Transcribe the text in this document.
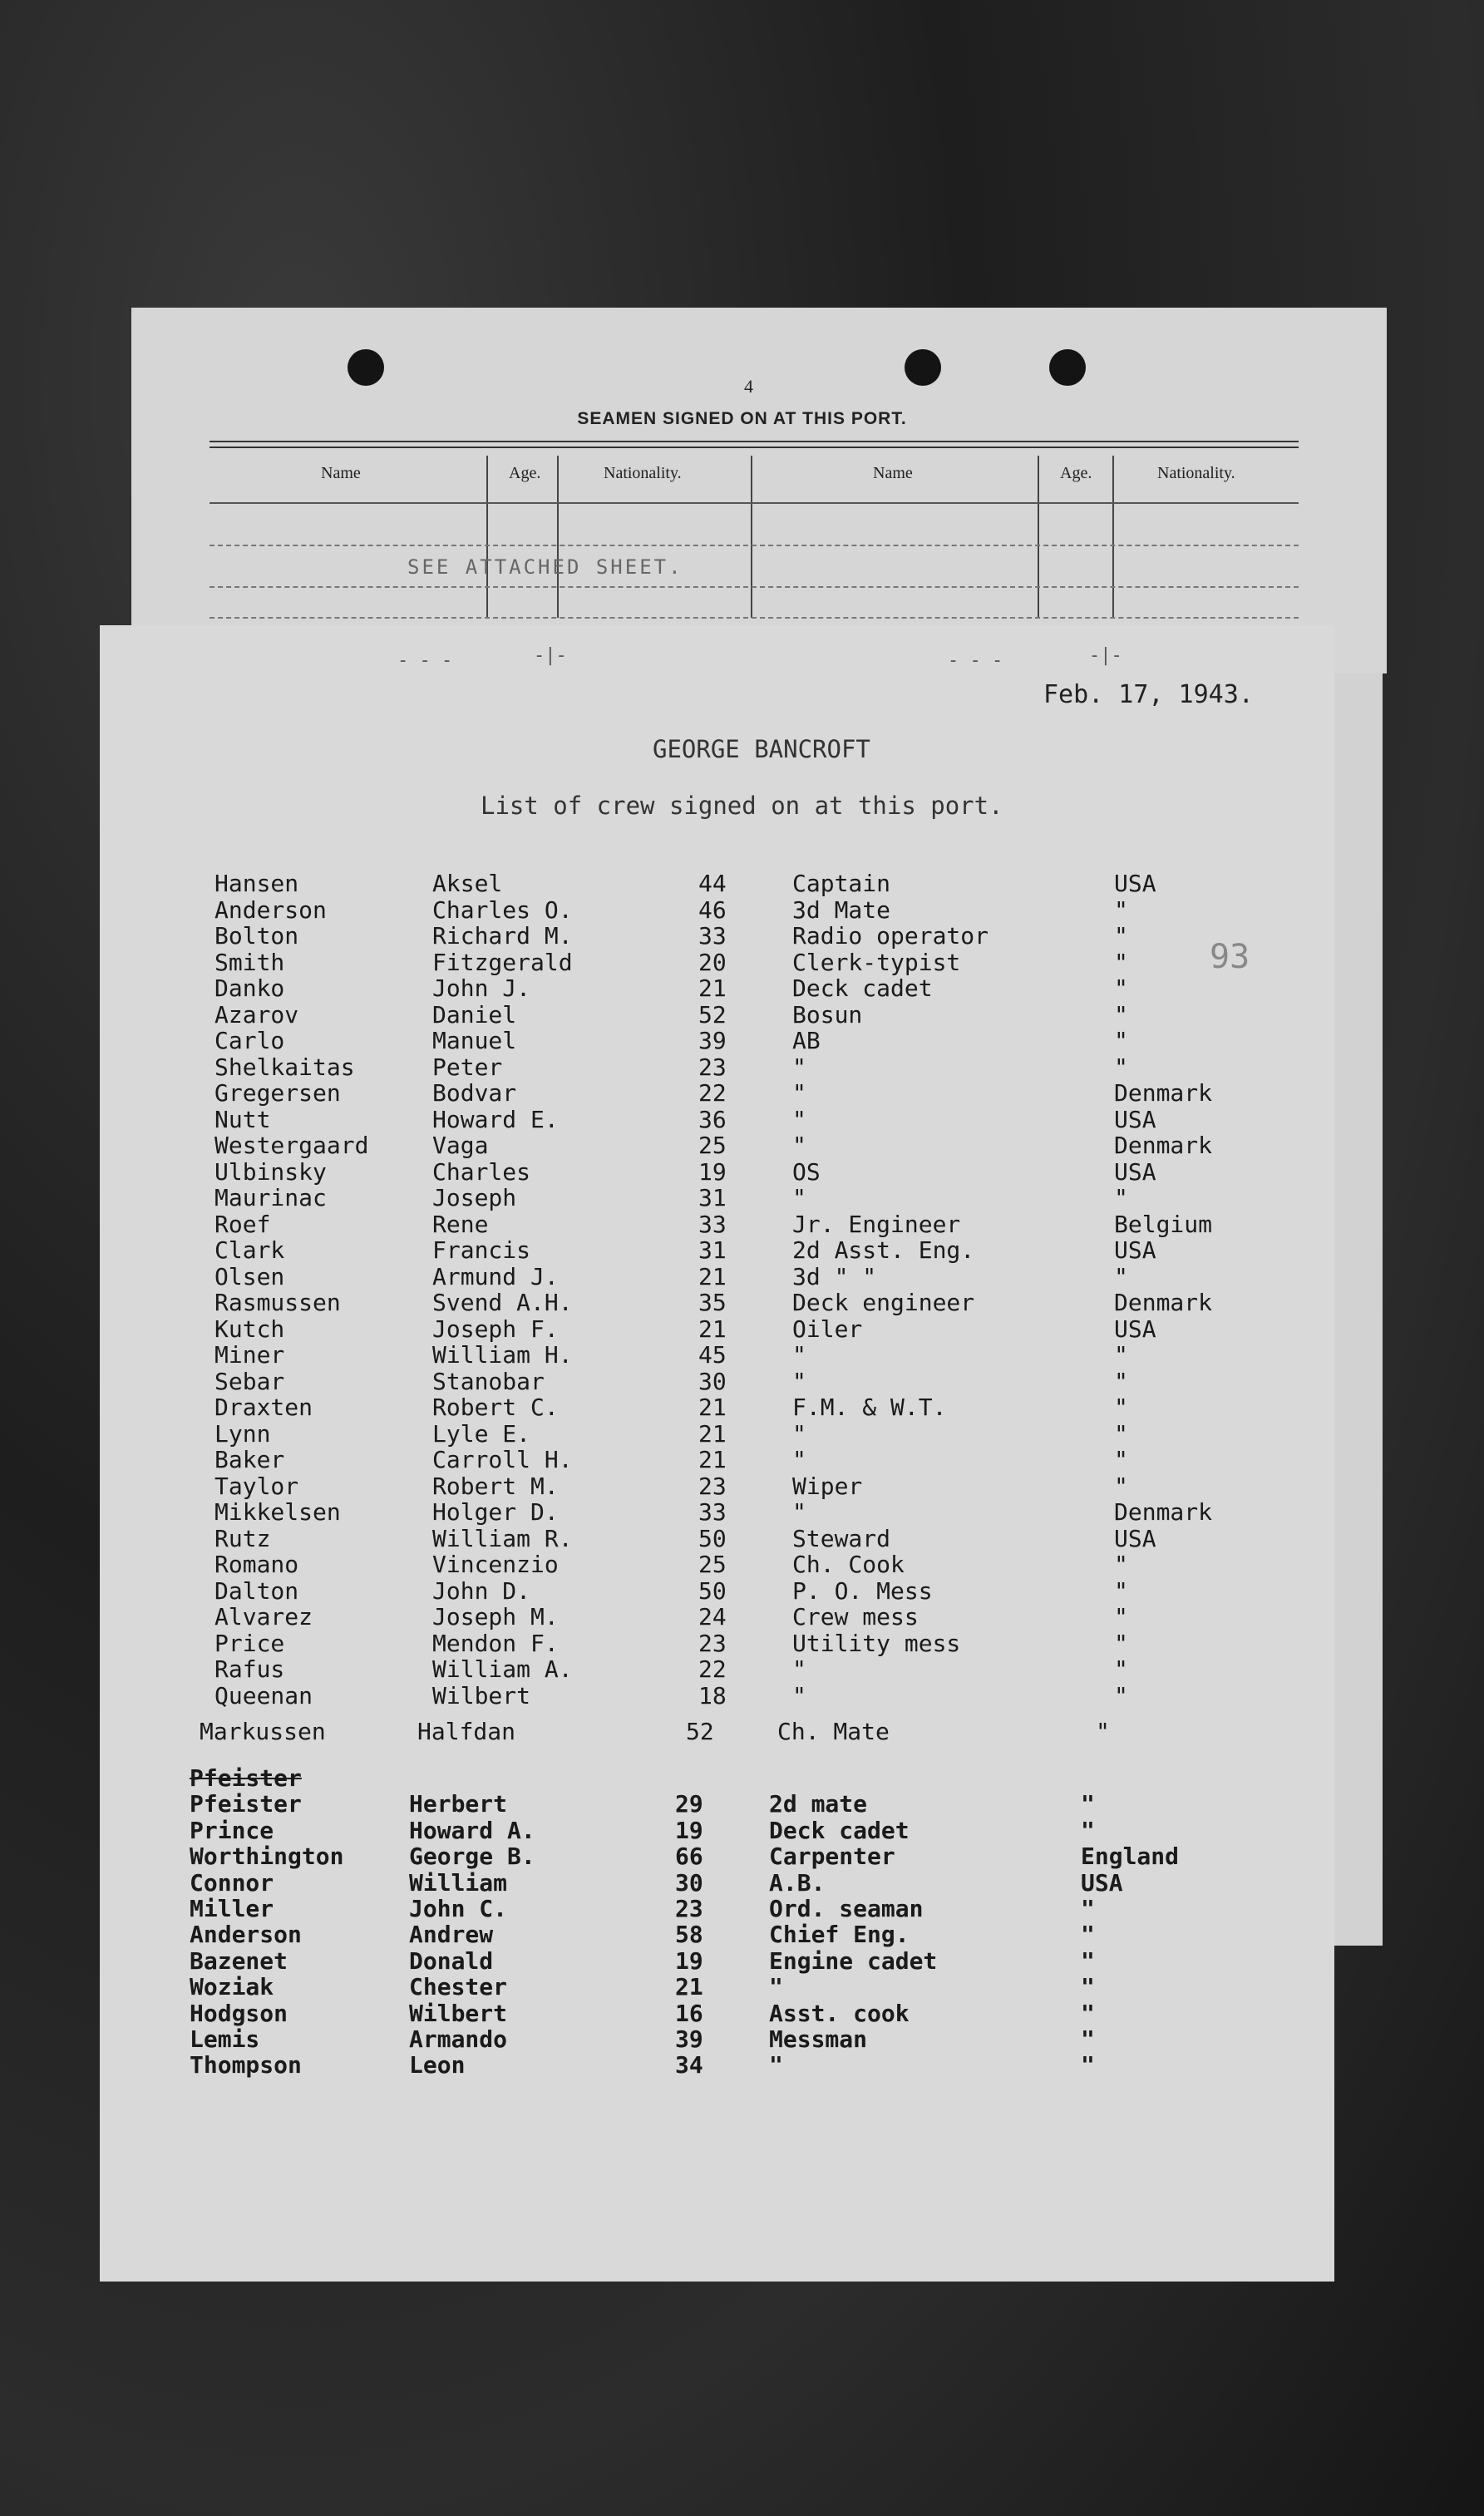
4
SEAMEN SIGNED ON AT THIS PORT.
Name	Age.	Nationality.	Name	Age.	Nationality.
SEE ATTACHED SHEET.
- - -	-|-	- - -	-|-
Feb. 17, 1943.
GEORGE BANCROFT
List of crew signed on at this port.
93
Hansen	Aksel	44	Captain	USA
Anderson	Charles O.	46	3d Mate	"
Bolton	Richard M.	33	Radio operator	"
Smith	Fitzgerald	20	Clerk-typist	"
Danko	John J.	21	Deck cadet	"
Azarov	Daniel	52	Bosun	"
Carlo	Manuel	39	AB	"
Shelkaitas	Peter	23	"	"
Gregersen	Bodvar	22	"	Denmark
Nutt	Howard E.	36	"	USA
Westergaard	Vaga	25	"	Denmark
Ulbinsky	Charles	19	OS	USA
Maurinac	Joseph	31	"	"
Roef	Rene	33	Jr. Engineer	Belgium
Clark	Francis	31	2d Asst. Eng.	USA
Olsen	Armund J.	21	3d " "	"
Rasmussen	Svend A.H.	35	Deck engineer	Denmark
Kutch	Joseph F.	21	Oiler	USA
Miner	William H.	45	"	"
Sebar	Stanobar	30	"	"
Draxten	Robert C.	21	F.M. & W.T.	"
Lynn	Lyle E.	21	"	"
Baker	Carroll H.	21	"	"
Taylor	Robert M.	23	Wiper	"
Mikkelsen	Holger D.	33	"	Denmark
Rutz	William R.	50	Steward	USA
Romano	Vincenzio	25	Ch. Cook	"
Dalton	John D.	50	P. O. Mess	"
Alvarez	Joseph M.	24	Crew mess	"
Price	Mendon F.	23	Utility mess	"
Rafus	William A.	22	"	"
Queenan	Wilbert	18	"	"
Markussen	Halfdan	52	Ch. Mate	"
Pfeister
Pfeister	Herbert	29	2d mate	"
Prince	Howard A.	19	Deck cadet	"
Worthington	George B.	66	Carpenter	England
Connor	William	30	A.B.	USA
Miller	John C.	23	Ord. seaman	"
Anderson	Andrew	58	Chief Eng.	"
Bazenet	Donald	19	Engine cadet	"
Woziak	Chester	21	"	"
Hodgson	Wilbert	16	Asst. cook	"
Lemis	Armando	39	Messman	"
Thompson	Leon	34	"	"
